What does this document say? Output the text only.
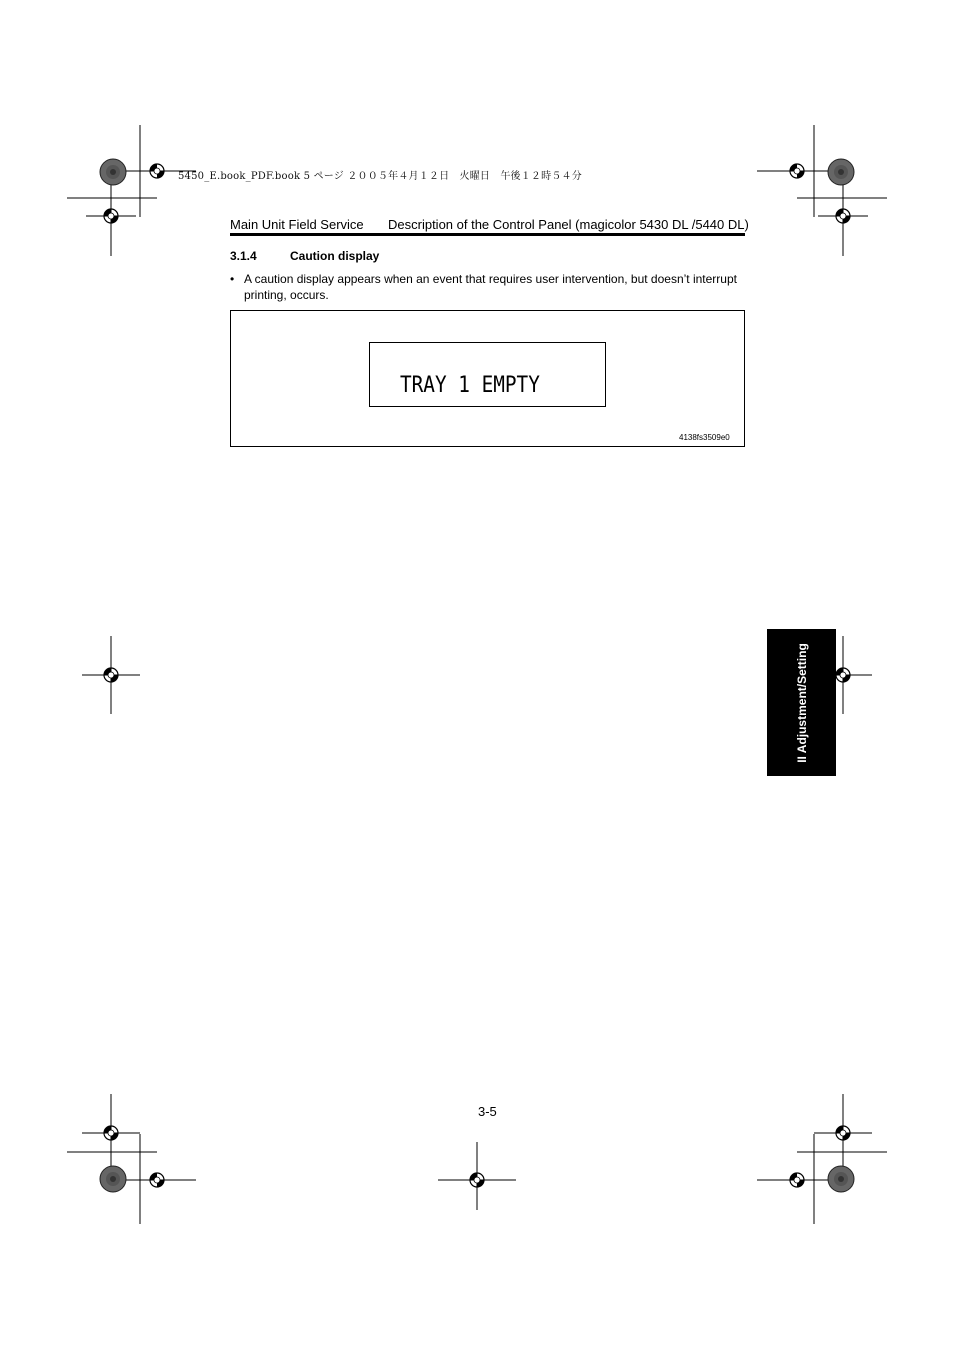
5450_E.book_PDF.book 5 ページ ２００５年４月１２日　火曜日　午後１２時５４分
Main Unit Field Service Description of the Control Panel (magicolor 5430 DL /5440 DL)
3.1.4	Caution display
• A caution display appears when an event that requires user intervention, but doesn’t interrupt printing, occurs.
TRAY 1 EMPTY
4138fs3509e0
II Adjustment/Setting
3-5
